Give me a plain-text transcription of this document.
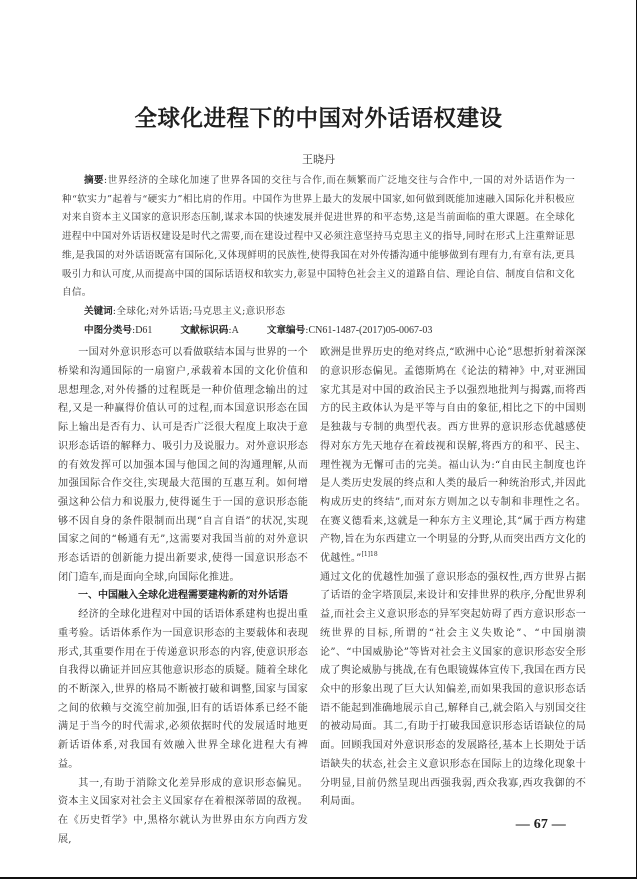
全球化进程下的中国对外话语权建设
王晓丹
摘要:世界经济的全球化加速了世界各国的交往与合作,而在频繁而广泛地交往与合作中,一国的对外话语作为一种“软实力”起着与“硬实力”相比肩的作用。中国作为世界上最大的发展中国家,如何做到既能加速融入国际化并积极应对来自资本主义国家的意识形态压制,谋求本国的快速发展并促进世界的和平态势,这是当前面临的重大课题。在全球化进程中中国对外话语权建设是时代之需要,而在建设过程中又必须注意坚持马克思主义的指导,同时在形式上注重辩证思维,是我国的对外话语既富有国际化,又体现鲜明的民族性,使得我国在对外传播沟通中能够做到有理有力,有章有法,更具吸引力和认可度,从而提高中国的国际话语权和软实力,彰显中国特色社会主义的道路自信、理论自信、制度自信和文化自信。
关键词:全球化;对外话语;马克思主义;意识形态
中图分类号:D61	文献标识码:A	文章编号:CN61-1487-(2017)05-0067-03

一国对外意识形态可以看做联结本国与世界的一个桥梁和沟通国际的一扇窗户,承载着本国的文化价值和思想理念,对外传播的过程既是一种价值理念输出的过程,又是一种赢得价值认可的过程,而本国意识形态在国际上输出是否有力、认可是否广泛很大程度上取决于意识形态话语的解释力、吸引力及说服力。对外意识形态的有效发挥可以加强本国与他国之间的沟通理解,从而加强国际合作交往,实现最大范围的互惠互利。如何增强这种公信力和说服力,使得诞生于一国的意识形态能够不因自身的条件限制而出现“自言自语”的状况,实现国家之间的“畅通有无”,这需要对我国当前的对外意识形态话语的创新能力提出新要求,使得一国意识形态不闭门造车,而是面向全球,向国际化推进。

一、中国融入全球化进程需要建构新的对外话语

经济的全球化进程对中国的话语体系建构也提出重重考验。话语体系作为一国意识形态的主要载体和表现形式,其重要作用在于传递意识形态的内容,使意识形态自我得以确证并回应其他意识形态的质疑。随着全球化的不断深入,世界的格局不断被打破和调整,国家与国家之间的依赖与交流空前加强,旧有的话语体系已经不能满足于当今的时代需求,必须依据时代的发展适时地更新话语体系,对我国有效融入世界全球化进程大有裨益。

其一,有助于消除文化差异形成的意识形态偏见。资本主义国家对社会主义国家存在着根深蒂固的敌视。在《历史哲学》中,黑格尔就认为世界由东方向西方发展,

欧洲是世界历史的绝对终点,“欧洲中心论”思想折射着深深的意识形态偏见。孟德斯鸠在《论法的精神》中,对亚洲国家尤其是对中国的政治民主予以强烈地批判与揭露,而将西方的民主政体认为是平等与自由的象征,相比之下的中国则是独裁与专制的典型代表。西方世界的意识形态优越感使得对东方先天地存在着歧视和误解,将西方的和平、民主、理性视为无懈可击的完美。福山认为:“自由民主制度也许是人类历史发展的终点和人类的最后一种统治形式,并因此构成历史的终结”,而对东方则加之以专制和非理性之名。在赛义德看来,这就是一种东方主义理论,其“属于西方构建产物,旨在为东西建立一个明显的分野,从而突出西方文化的优越性。”$^{[1]18}$

通过文化的优越性加强了意识形态的强权性,西方世界占据了话语的金字塔顶层,来设计和安排世界的秩序,分配世界利益,而社会主义意识形态的异军突起妨碍了西方意识形态一统世界的目标,所谓的“社会主义失败论”、“中国崩溃论”、“中国威胁论”等皆对社会主义国家的意识形态安全形成了舆论威胁与挑战,在有色眼镜媒体宣传下,我国在西方民众中的形象出现了巨大认知偏差,而如果我国的意识形态话语不能起到准确地展示自己,解释自己,就会陷入与别国交往的被动局面。其二,有助于打破我国意识形态话语缺位的局面。回顾我国对外意识形态的发展路径,基本上长期处于话语缺失的状态,社会主义意识形态在国际上的边缘化现象十分明显,目前仍然呈现出西强我弱,西众我寡,西攻我御的不利局面。

— 67 —
